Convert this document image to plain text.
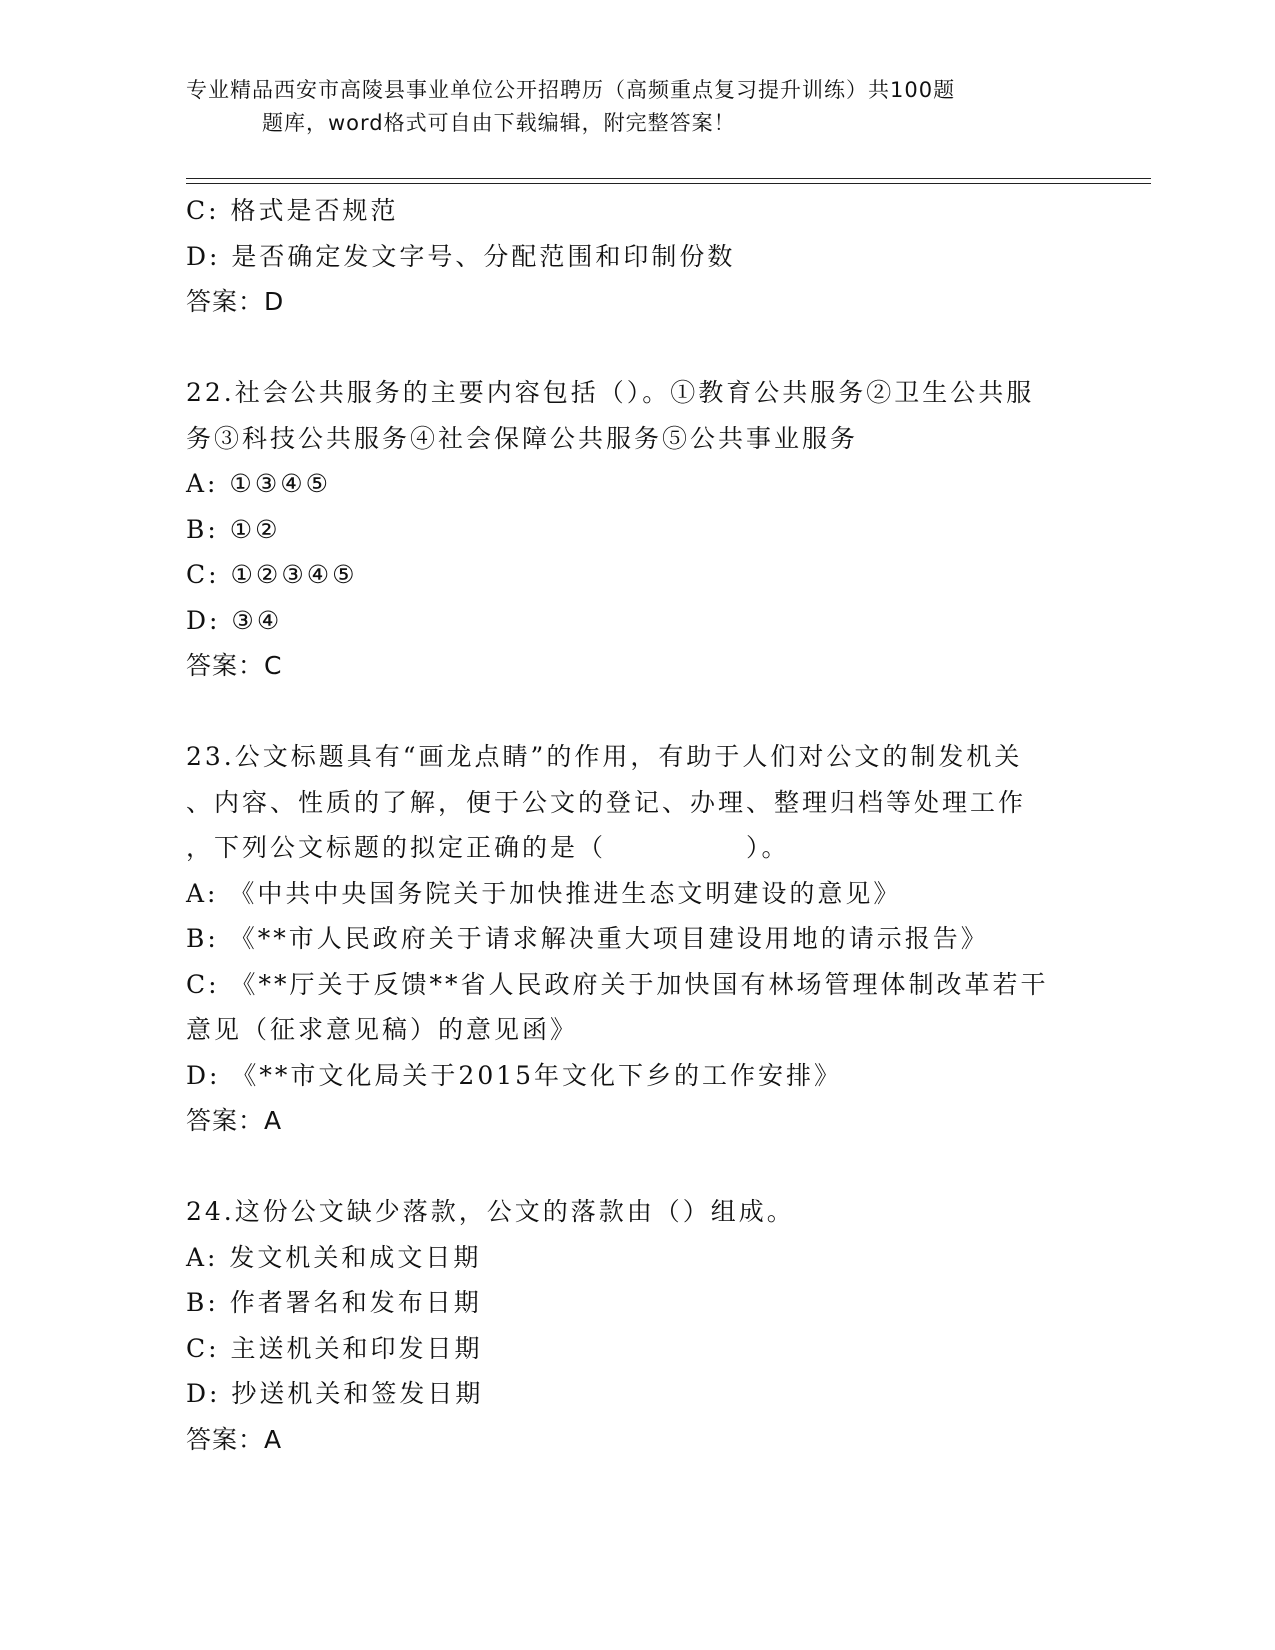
专业精品西安市高陵县事业单位公开招聘历（高频重点复习提升训练）共100题
题库，word格式可自由下载编辑，附完整答案！
C: 格式是否规范
D: 是否确定发文字号、分配范围和印制份数
答案：D
22.社会公共服务的主要内容包括（）。①教育公共服务②卫生公共服
务③科技公共服务④社会保障公共服务⑤公共事业服务
A: ①③④⑤
B: ①②
C: ①②③④⑤
D: ③④
答案：C
23.公文标题具有“画龙点睛”的作用，有助于人们对公文的制发机关
、内容、性质的了解，便于公文的登记、办理、整理归档等处理工作
，下列公文标题的拟定正确的是（　　　　　）。
A: 《中共中央国务院关于加快推进生态文明建设的意见》
B: 《**市人民政府关于请求解决重大项目建设用地的请示报告》
C: 《**厅关于反馈**省人民政府关于加快国有林场管理体制改革若干
意见（征求意见稿）的意见函》
D: 《**市文化局关于2015年文化下乡的工作安排》
答案：A
24.这份公文缺少落款，公文的落款由（）组成。
A: 发文机关和成文日期
B: 作者署名和发布日期
C: 主送机关和印发日期
D: 抄送机关和签发日期
答案：A
